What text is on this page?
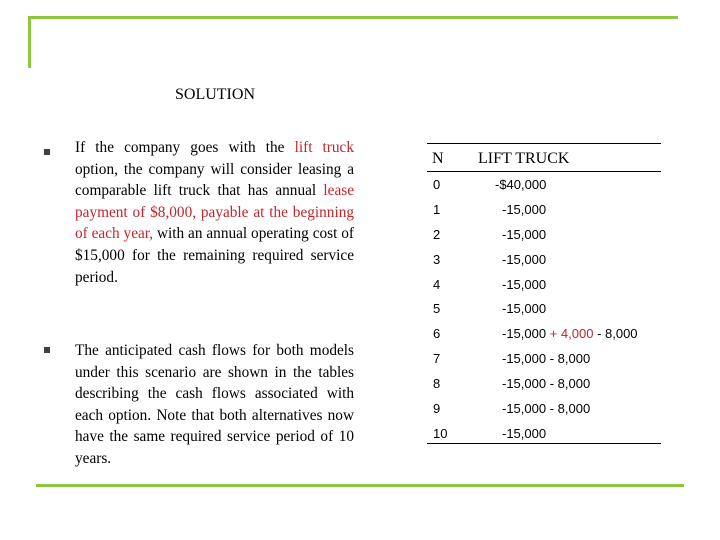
SOLUTION
If the company goes with the lift truck option, the company will consider leasing a comparable lift truck that has annual lease payment of $8,000, payable at the beginning of each year, with an annual operating cost of $15,000 for the remaining required service period.
The anticipated cash flows for both models under this scenario are shown in the tables describing the cash flows associated with each option. Note that both alternatives now have the same required service period of 10 years.
N LIFT TRUCK
0	-$40,000
1	-15,000
2	-15,000
3	-15,000
4	-15,000
5	-15,000
6	-15,000 + 4,000 - 8,000
7	-15,000 - 8,000
8	-15,000 - 8,000
9	-15,000 - 8,000
10	-15,000
